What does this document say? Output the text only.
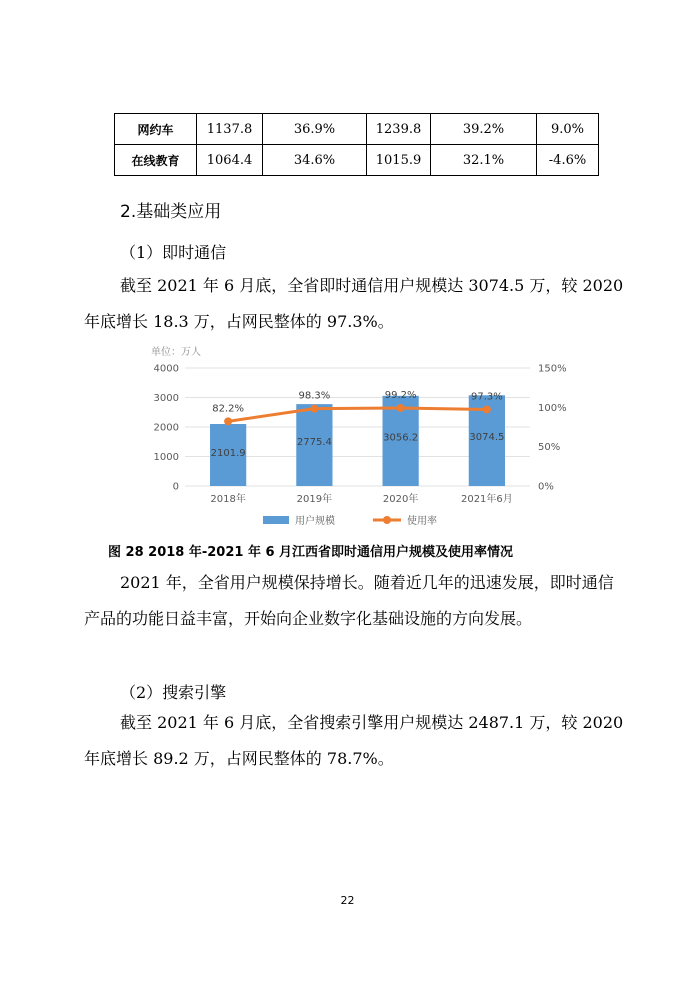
网约车	1137.8	36.9%	1239.8	39.2%	9.0%
在线教育	1064.4	34.6%	1015.9	32.1%	-4.6%
2.基础类应用
（1）即时通信
截至 2021 年 6 月底，全省即时通信用户规模达 3074.5 万，较 2020 年底增长 18.3 万，占网民整体的 97.3%。
单位：万人
2101.9
2775.4	3056.2	3074.5
82.2%
98.3%	99.2%	97.3%
0
1000
2000
3000
4000
0%
50%
100%
150%
2018年	2019年	2020年	2021年6月
用户规模	使用率
图 28 2018 年-2021 年 6 月江西省即时通信用户规模及使用率情况
2021 年，全省用户规模保持增长。随着近几年的迅速发展，即时通信产品的功能日益丰富，开始向企业数字化基础设施的方向发展。
（2）搜索引擎
截至 2021 年 6 月底，全省搜索引擎用户规模达 2487.1 万，较 2020 年底增长 89.2 万，占网民整体的 78.7%。
22
